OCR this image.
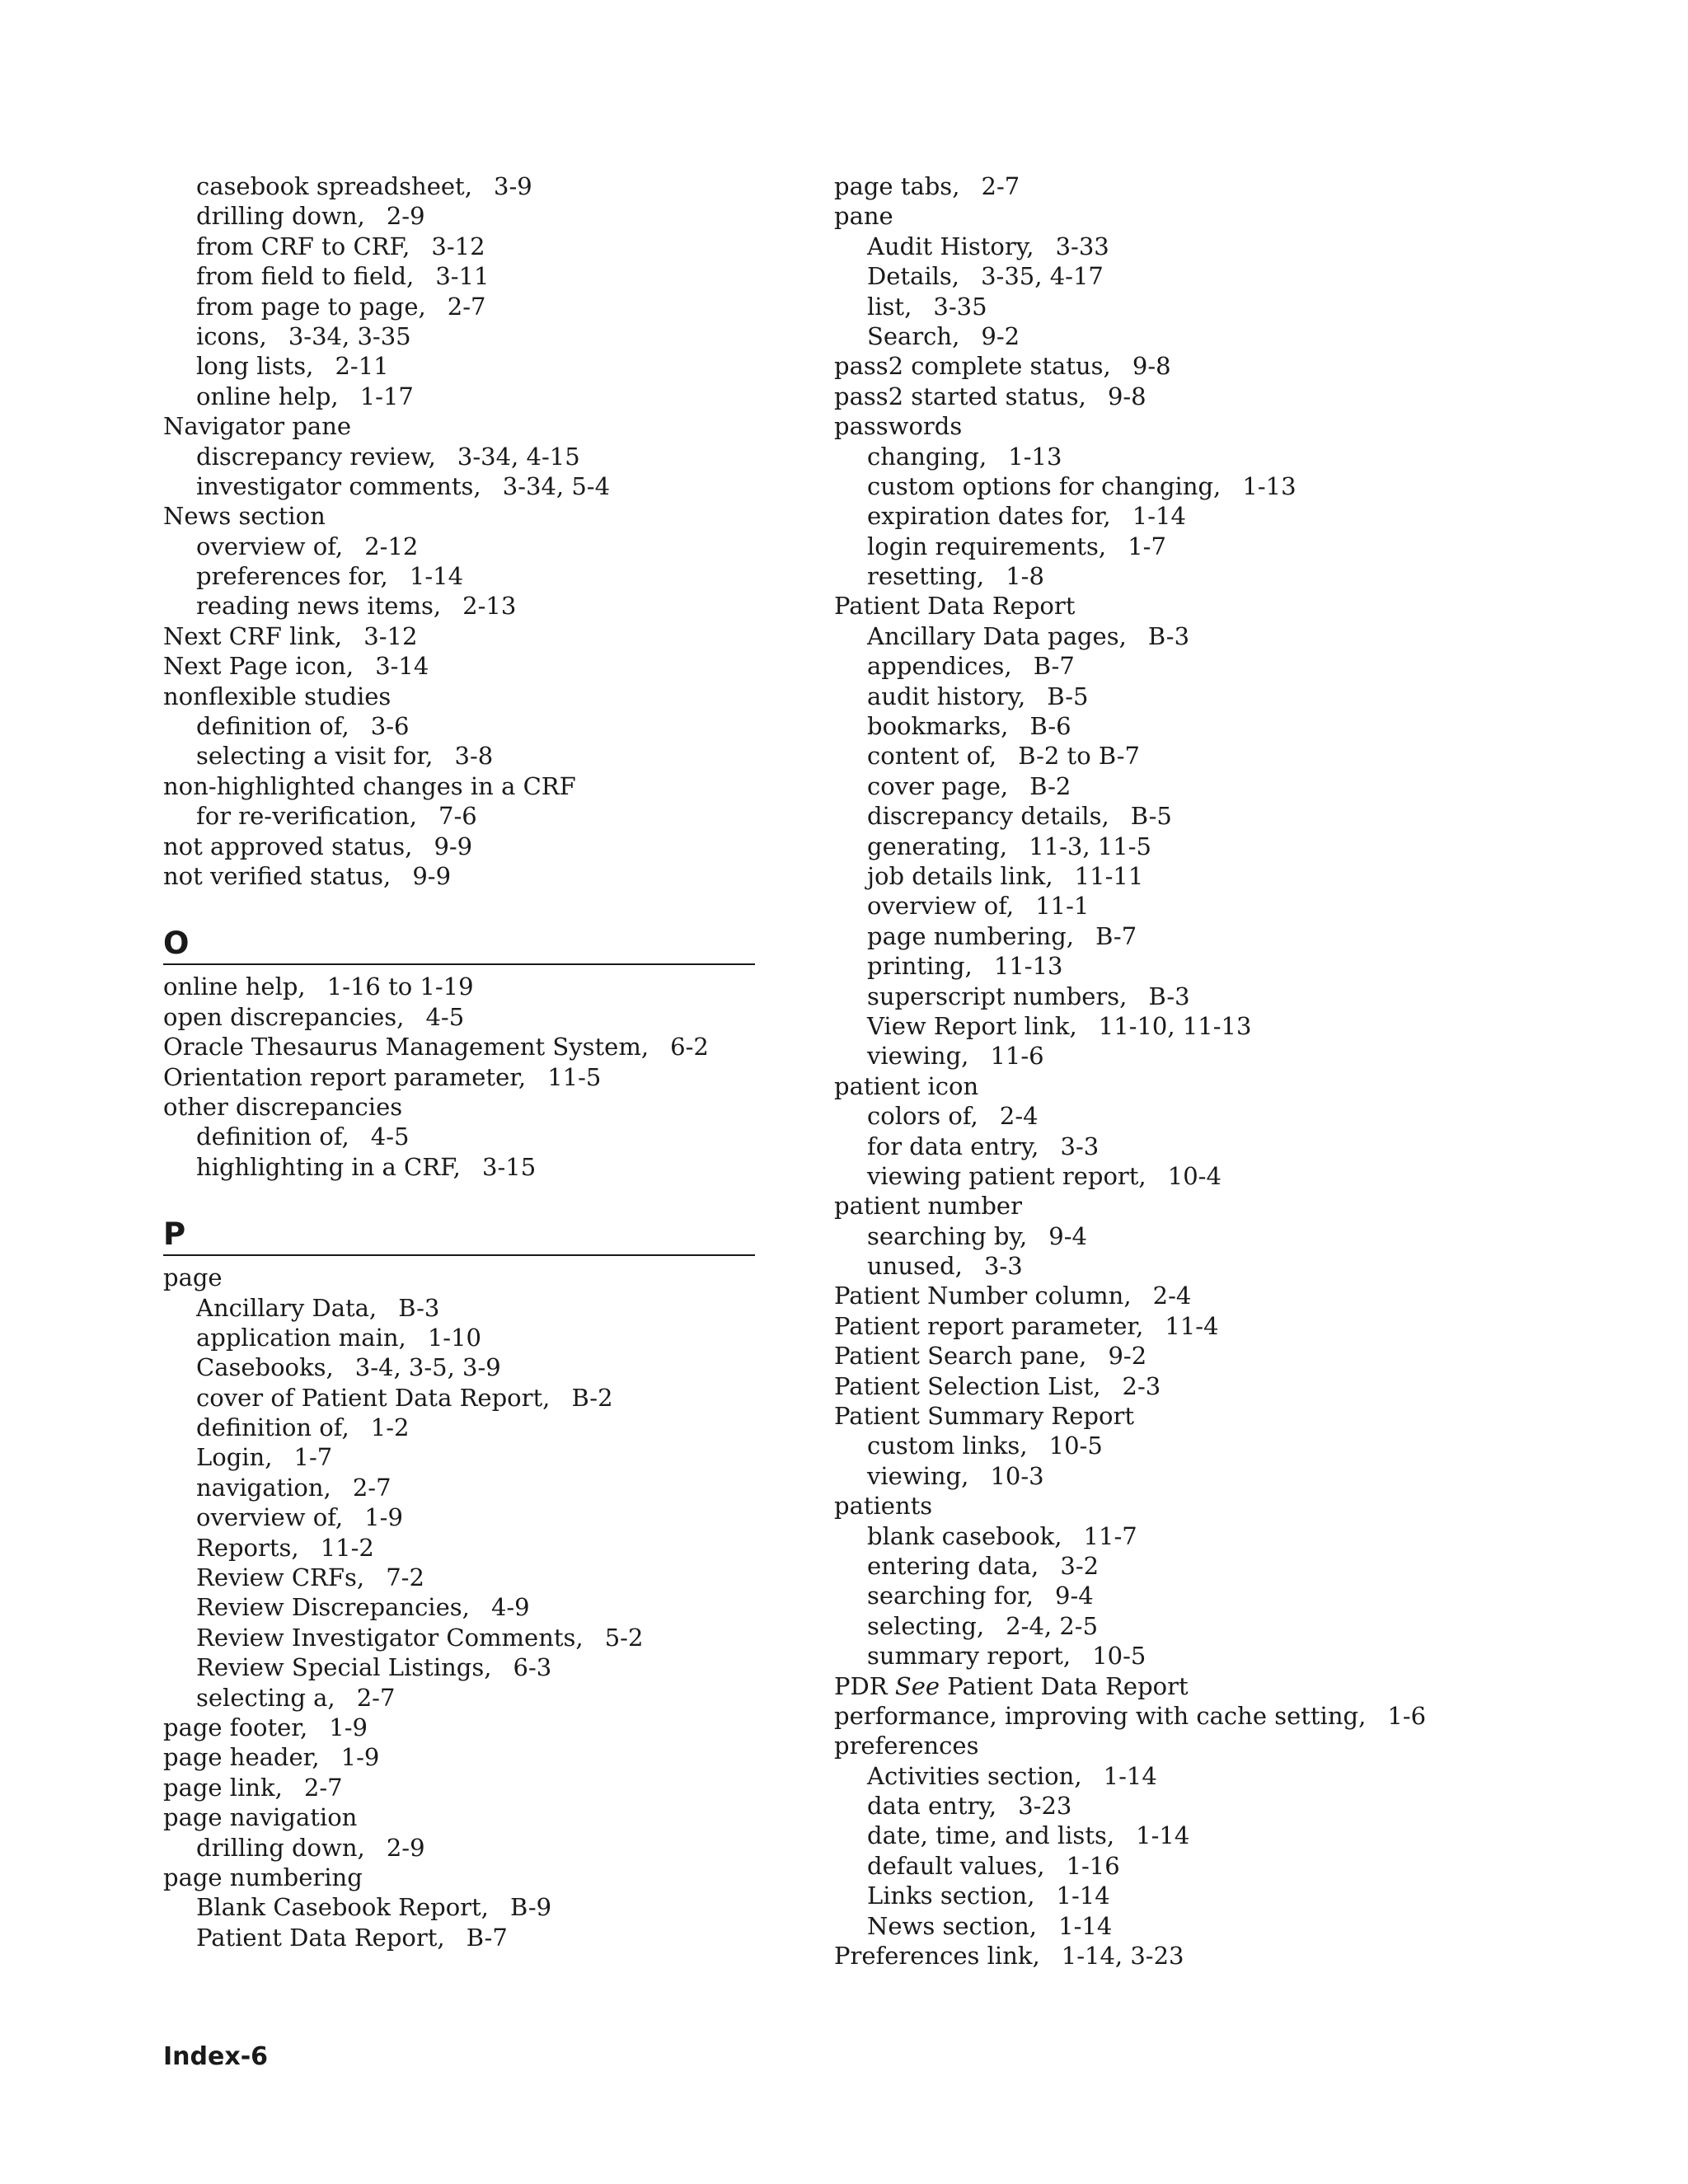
casebook spreadsheet, 3-9
drilling down, 2-9
from CRF to CRF, 3-12
from field to field, 3-11
from page to page, 2-7
icons, 3-34, 3-35
long lists, 2-11
online help, 1-17
Navigator pane
discrepancy review, 3-34, 4-15
investigator comments, 3-34, 5-4
News section
overview of, 2-12
preferences for, 1-14
reading news items, 2-13
Next CRF link, 3-12
Next Page icon, 3-14
nonflexible studies
definition of, 3-6
selecting a visit for, 3-8
non-highlighted changes in a CRF
for re-verification, 7-6
not approved status, 9-9
not verified status, 9-9
O
online help, 1-16 to 1-19
open discrepancies, 4-5
Oracle Thesaurus Management System, 6-2
Orientation report parameter, 11-5
other discrepancies
definition of, 4-5
highlighting in a CRF, 3-15
P
page
Ancillary Data, B-3
application main, 1-10
Casebooks, 3-4, 3-5, 3-9
cover of Patient Data Report, B-2
definition of, 1-2
Login, 1-7
navigation, 2-7
overview of, 1-9
Reports, 11-2
Review CRFs, 7-2
Review Discrepancies, 4-9
Review Investigator Comments, 5-2
Review Special Listings, 6-3
selecting a, 2-7
page footer, 1-9
page header, 1-9
page link, 2-7
page navigation
drilling down, 2-9
page numbering
Blank Casebook Report, B-9
Patient Data Report, B-7
page tabs, 2-7
pane
Audit History, 3-33
Details, 3-35, 4-17
list, 3-35
Search, 9-2
pass2 complete status, 9-8
pass2 started status, 9-8
passwords
changing, 1-13
custom options for changing, 1-13
expiration dates for, 1-14
login requirements, 1-7
resetting, 1-8
Patient Data Report
Ancillary Data pages, B-3
appendices, B-7
audit history, B-5
bookmarks, B-6
content of, B-2 to B-7
cover page, B-2
discrepancy details, B-5
generating, 11-3, 11-5
job details link, 11-11
overview of, 11-1
page numbering, B-7
printing, 11-13
superscript numbers, B-3
View Report link, 11-10, 11-13
viewing, 11-6
patient icon
colors of, 2-4
for data entry, 3-3
viewing patient report, 10-4
patient number
searching by, 9-4
unused, 3-3
Patient Number column, 2-4
Patient report parameter, 11-4
Patient Search pane, 9-2
Patient Selection List, 2-3
Patient Summary Report
custom links, 10-5
viewing, 10-3
patients
blank casebook, 11-7
entering data, 3-2
searching for, 9-4
selecting, 2-4, 2-5
summary report, 10-5
PDR See Patient Data Report
performance, improving with cache setting, 1-6
preferences
Activities section, 1-14
data entry, 3-23
date, time, and lists, 1-14
default values, 1-16
Links section, 1-14
News section, 1-14
Preferences link, 1-14, 3-23
Index-6
